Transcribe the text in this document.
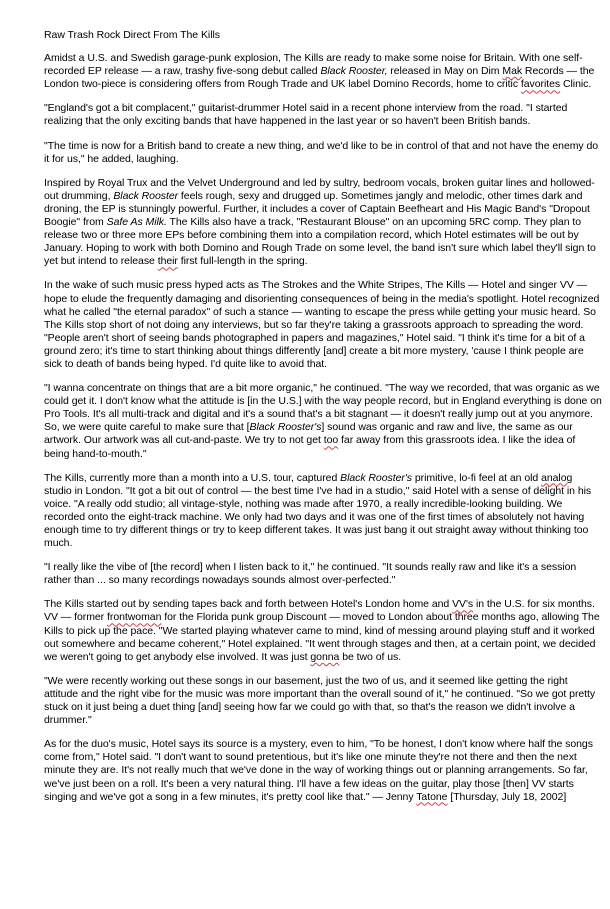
Raw Trash Rock Direct From The Kills

Amidst a U.S. and Swedish garage-punk explosion, The Kills are ready to make some noise for Britain. With one self-recorded EP release — a raw, trashy five-song debut called Black Rooster, released in May on Dim Mak Records — the London two-piece is considering offers from Rough Trade and UK label Domino Records, home to critic favorites Clinic.

"England's got a bit complacent," guitarist-drummer Hotel said in a recent phone interview from the road. "I started realizing that the only exciting bands that have happened in the last year or so haven't been British bands.

"The time is now for a British band to create a new thing, and we'd like to be in control of that and not have the enemy do it for us," he added, laughing.

Inspired by Royal Trux and the Velvet Underground and led by sultry, bedroom vocals, broken guitar lines and hollowed-out drumming, Black Rooster feels rough, sexy and drugged up. Sometimes jangly and melodic, other times dark and droning, the EP is stunningly powerful. Further, it includes a cover of Captain Beefheart and His Magic Band's "Dropout Boogie" from Safe As Milk. The Kills also have a track, "Restaurant Blouse" on an upcoming 5RC comp. They plan to release two or three more EPs before combining them into a compilation record, which Hotel estimates will be out by January. Hoping to work with both Domino and Rough Trade on some level, the band isn't sure which label they'll sign to yet but intend to release their first full-length in the spring.

In the wake of such music press hyped acts as The Strokes and the White Stripes, The Kills — Hotel and singer VV — hope to elude the frequently damaging and disorienting consequences of being in the media's spotlight. Hotel recognized what he called "the eternal paradox" of such a stance — wanting to escape the press while getting your music heard. So The Kills stop short of not doing any interviews, but so far they're taking a grassroots approach to spreading the word. "People aren't short of seeing bands photographed in papers and magazines," Hotel said. "I think it's time for a bit of a ground zero; it's time to start thinking about things differently [and] create a bit more mystery, 'cause I think people are sick to death of bands being hyped. I'd quite like to avoid that.

"I wanna concentrate on things that are a bit more organic," he continued. "The way we recorded, that was organic as we could get it. I don't know what the attitude is [in the U.S.] with the way people record, but in England everything is done on Pro Tools. It's all multi-track and digital and it's a sound that's a bit stagnant — it doesn't really jump out at you anymore. So, we were quite careful to make sure that [Black Rooster's] sound was organic and raw and live, the same as our artwork. Our artwork was all cut-and-paste. We try to not get too far away from this grassroots idea. I like the idea of being hand-to-mouth."

The Kills, currently more than a month into a U.S. tour, captured Black Rooster's primitive, lo-fi feel at an old analog studio in London. "It got a bit out of control — the best time I've had in a studio," said Hotel with a sense of delight in his voice. "A really odd studio; all vintage-style, nothing was made after 1970, a really incredible-looking building. We recorded onto the eight-track machine. We only had two days and it was one of the first times of absolutely not having enough time to try different things or try to keep different takes. It was just bang it out straight away without thinking too much.

"I really like the vibe of [the record] when I listen back to it," he continued. "It sounds really raw and like it's a session rather than ... so many recordings nowadays sounds almost over-perfected."

The Kills started out by sending tapes back and forth between Hotel's London home and VV's in the U.S. for six months. VV — former frontwoman for the Florida punk group Discount — moved to London about three months ago, allowing The Kills to pick up the pace. "We started playing whatever came to mind, kind of messing around playing stuff and it worked out somewhere and became coherent," Hotel explained. "It went through stages and then, at a certain point, we decided we weren't going to get anybody else involved. It was just gonna be two of us.

"We were recently working out these songs in our basement, just the two of us, and it seemed like getting the right attitude and the right vibe for the music was more important than the overall sound of it," he continued. "So we got pretty stuck on it just being a duet thing [and] seeing how far we could go with that, so that's the reason we didn't involve a drummer."

As for the duo's music, Hotel says its source is a mystery, even to him, "To be honest, I don't know where half the songs come from," Hotel said. "I don't want to sound pretentious, but it's like one minute they're not there and then the next minute they are. It's not really much that we've done in the way of working things out or planning arrangements. So far, we've just been on a roll. It's been a very natural thing. I'll have a few ideas on the guitar, play those [then] VV starts singing and we've got a song in a few minutes, it's pretty cool like that." — Jenny Tatone [Thursday, July 18, 2002]
